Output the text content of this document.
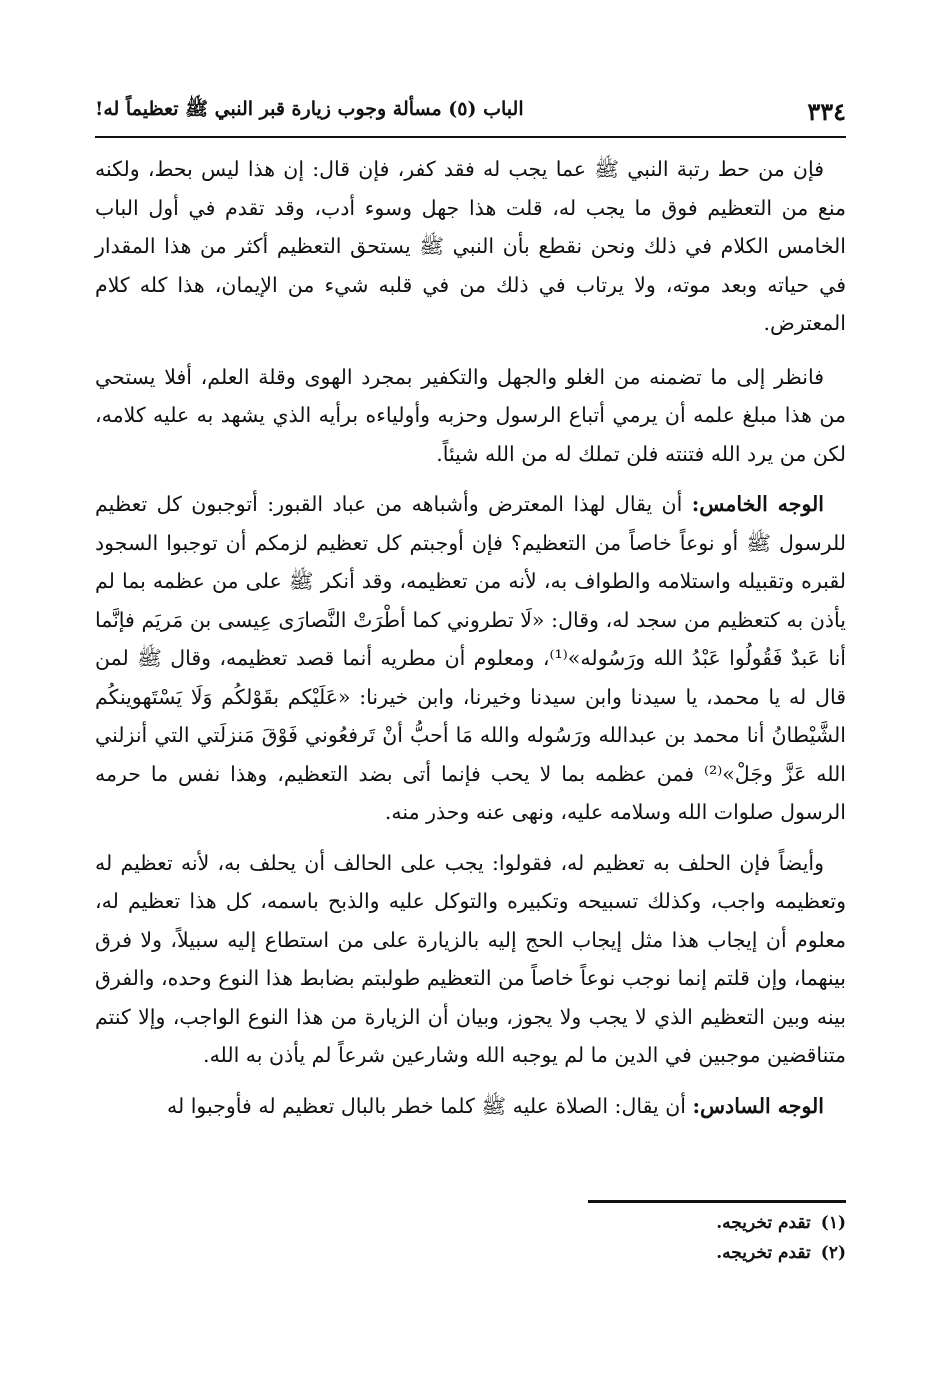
٣٣٤
الباب (٥) مسألة وجوب زيارة قبر النبي ﷺ تعظيماً له!

فإن من حط رتبة النبي ﷺ عما يجب له فقد كفر، فإن قال: إن هذا ليس بحط، ولكنه منع من التعظيم فوق ما يجب له، قلت هذا جهل وسوء أدب، وقد تقدم في أول الباب الخامس الكلام في ذلك ونحن نقطع بأن النبي ﷺ يستحق التعظيم أكثر من هذا المقدار في حياته وبعد موته، ولا يرتاب في ذلك من في قلبه شيء من الإيمان، هذا كله كلام المعترض.

فانظر إلى ما تضمنه من الغلو والجهل والتكفير بمجرد الهوى وقلة العلم، أفلا يستحي من هذا مبلغ علمه أن يرمي أتباع الرسول وحزبه وأولياءه برأيه الذي يشهد به عليه كلامه، لكن من يرد الله فتنته فلن تملك له من الله شيئاً.

الوجه الخامس: أن يقال لهذا المعترض وأشباهه من عباد القبور: أتوجبون كل تعظيم للرسول ﷺ أو نوعاً خاصاً من التعظيم؟ فإن أوجبتم كل تعظيم لزمكم أن توجبوا السجود لقبره وتقبيله واستلامه والطواف به، لأنه من تعظيمه، وقد أنكر ﷺ على من عظمه بما لم يأذن به كتعظيم من سجد له، وقال: «لَا تطروني كما أطْرَتْ النَّصارَى عِيسى بن مَريَم فإنَّما أنا عَبدٌ فَقُولُوا عَبْدُ الله ورَسُوله»⁽¹⁾، ومعلوم أن مطريه أنما قصد تعظيمه، وقال ﷺ لمن قال له يا محمد، يا سيدنا وابن سيدنا وخيرنا، وابن خيرنا: «عَلَيْكم بقَوْلكُم وَلَا يَسْتَهوينكُم الشَّيْطانُ أنا محمد بن عبدالله ورَسُوله والله مَا أحبُّ أنْ تَرفعُوني فَوْقَ مَنزلَتي التي أنزلني الله عَزَّ وجَلْ»⁽²⁾ فمن عظمه بما لا يحب فإنما أتى بضد التعظيم، وهذا نفس ما حرمه الرسول صلوات الله وسلامه عليه، ونهى عنه وحذر منه.

وأيضاً فإن الحلف به تعظيم له، فقولوا: يجب على الحالف أن يحلف به، لأنه تعظيم له وتعظيمه واجب، وكذلك تسبيحه وتكبيره والتوكل عليه والذبح باسمه، كل هذا تعظيم له، معلوم أن إيجاب هذا مثل إيجاب الحج إليه بالزيارة على من استطاع إليه سبيلاً، ولا فرق بينهما، وإن قلتم إنما نوجب نوعاً خاصاً من التعظيم طولبتم بضابط هذا النوع وحده، والفرق بينه وبين التعظيم الذي لا يجب ولا يجوز، وبيان أن الزيارة من هذا النوع الواجب، وإلا كنتم متناقضين موجبين في الدين ما لم يوجبه الله وشارعين شرعاً لم يأذن به الله.

الوجه السادس: أن يقال: الصلاة عليه ﷺ كلما خطر بالبال تعظيم له فأوجبوا له

(١)تقدم تخريجه.

(٢)تقدم تخريجه.
